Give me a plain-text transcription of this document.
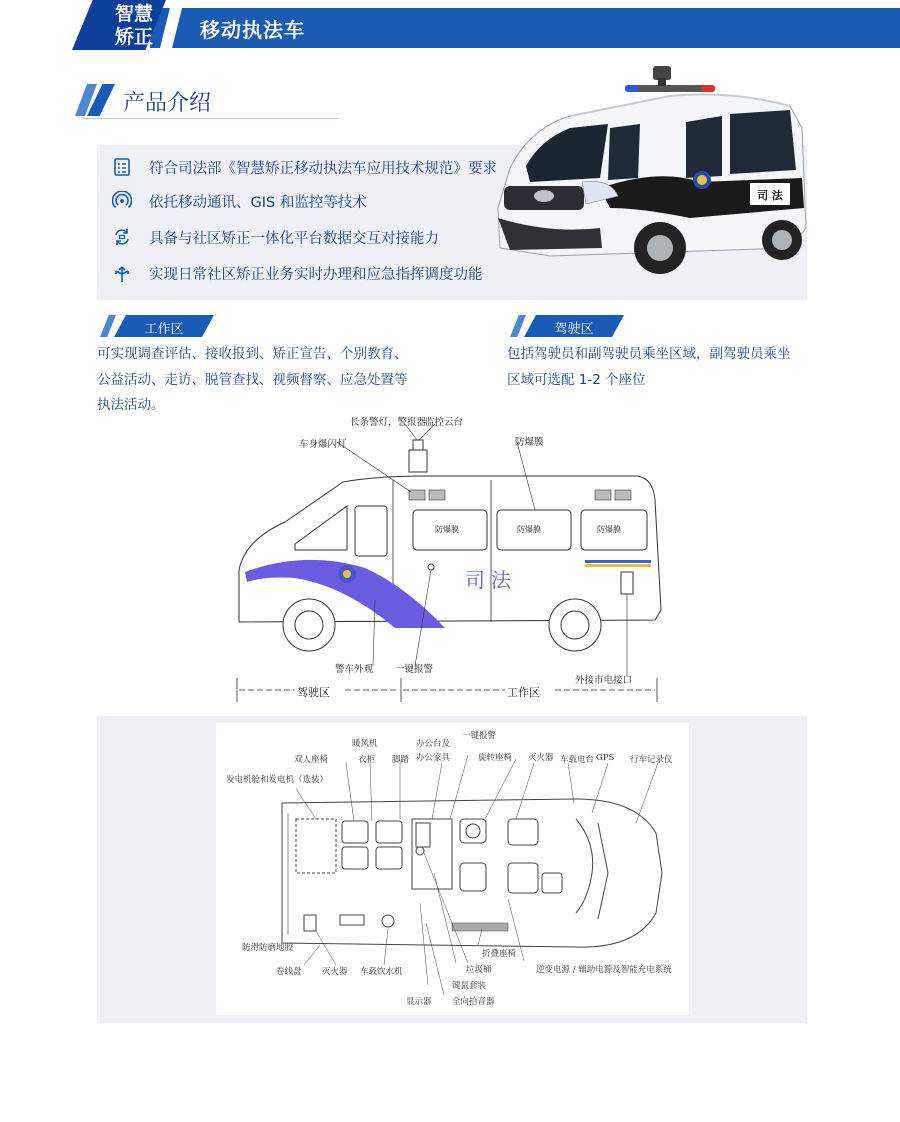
智慧
矫正	移动执法车
产品介绍
符合司法部《智慧矫正移动执法车应用技术规范》要求
依托移动通讯、GIS 和监控等技术
具备与社区矫正一体化平台数据交互对接能力
实现日常社区矫正业务实时办理和应急指挥调度功能
司 法
工作区
可实现调查评估、接收报到、矫正宣告、个别教育、
公益活动、走访、脱管查找、视频督察、应急处置等
执法活动。
驾驶区
包括驾驶员和副驾驶员乘坐区域，副驾驶员乘坐
区域可选配 1-2 个座位
司法
长条警灯，警报器
监控云台
车身爆闪灯	防爆膜
防爆膜	防爆膜	防爆膜
警车外观 一键报警
外接市电接口
驾驶区	工作区
发电机舱和发电机（选装）
双人座椅
暖风机
衣柜 脚踏
办公台及
办公家具
一键报警
旋转座椅 灭火器 车载电台 GPS 行车记录仪
防滑防磨地胶
卷线盘 灭火器 车载饮水机	垃圾桶
键鼠套装
显示器 全向拾音器
折叠座椅
逆变电源 / 辅助电源及智能充电系统
